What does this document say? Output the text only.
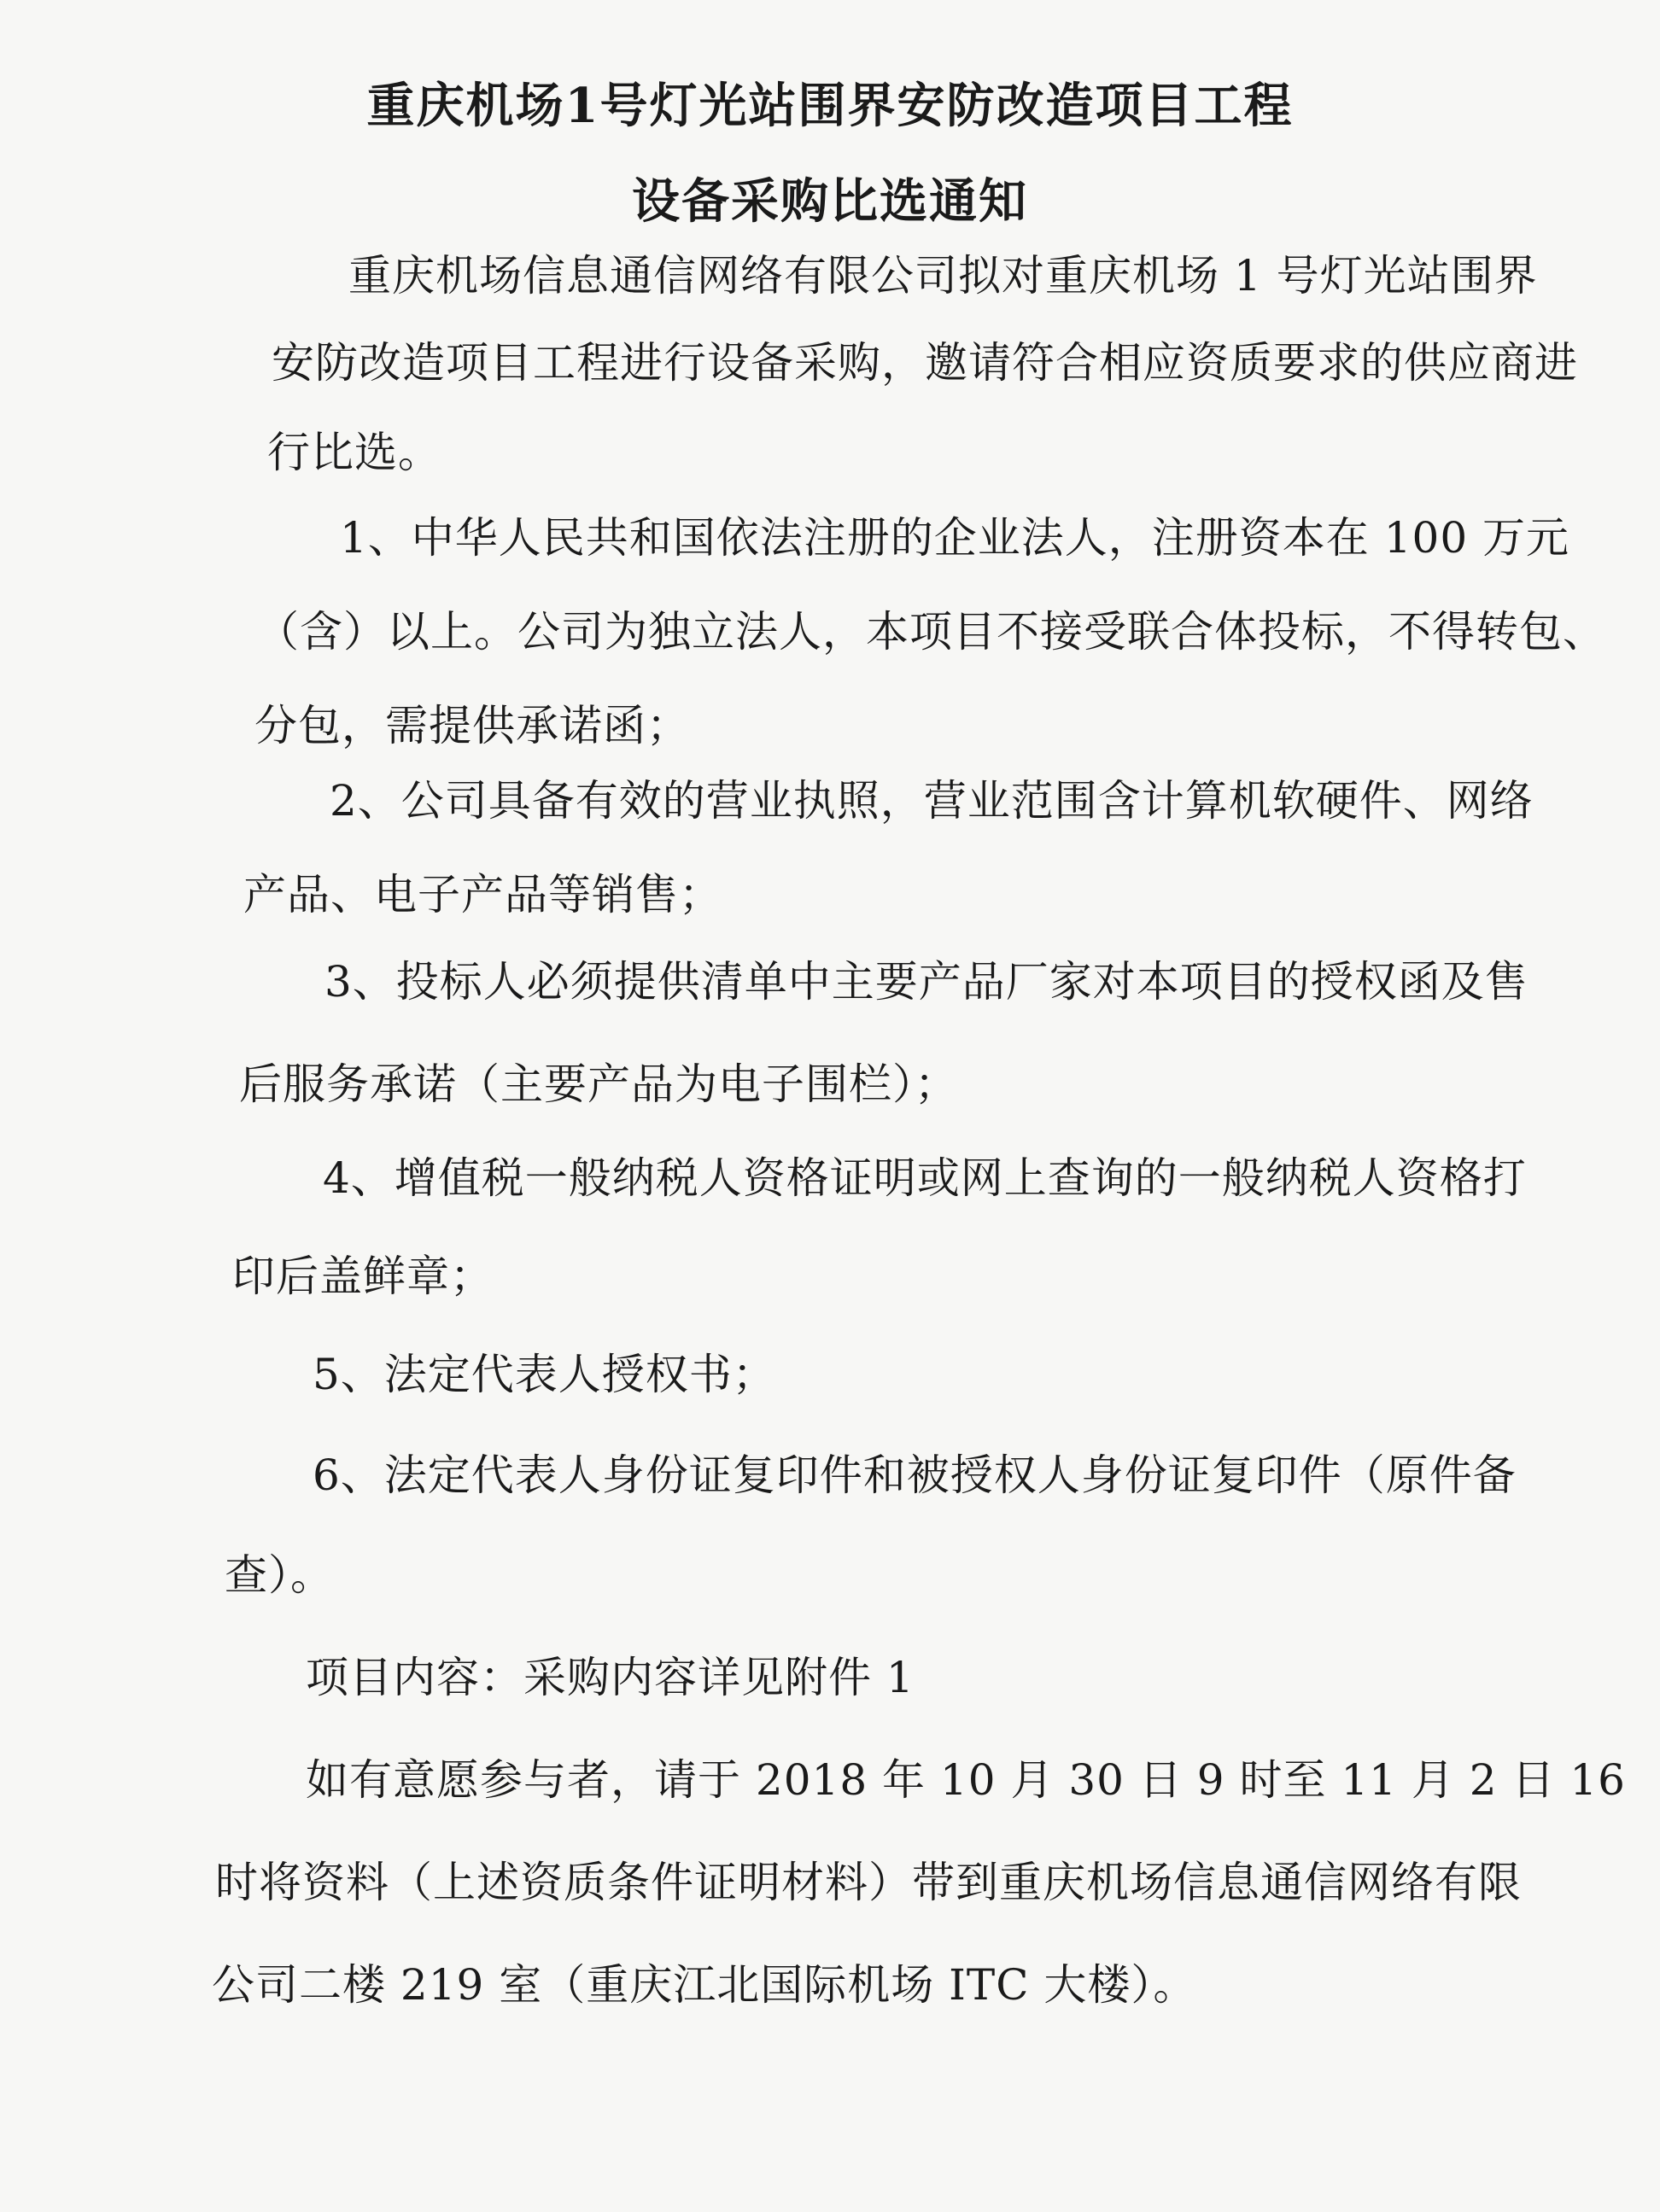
重庆机场1号灯光站围界安防改造项目工程
设备采购比选通知
重庆机场信息通信网络有限公司拟对重庆机场 1 号灯光站围界
安防改造项目工程进行设备采购，邀请符合相应资质要求的供应商进
行比选。
1、中华人民共和国依法注册的企业法人，注册资本在 100 万元
（含）以上。公司为独立法人，本项目不接受联合体投标，不得转包、
分包，需提供承诺函；
2、公司具备有效的营业执照，营业范围含计算机软硬件、网络
产品、电子产品等销售；
3、投标人必须提供清单中主要产品厂家对本项目的授权函及售
后服务承诺（主要产品为电子围栏）；
4、增值税一般纳税人资格证明或网上查询的一般纳税人资格打
印后盖鲜章；
5、法定代表人授权书；
6、法定代表人身份证复印件和被授权人身份证复印件（原件备
查）。
项目内容：采购内容详见附件 1
如有意愿参与者，请于 2018 年 10 月 30 日 9 时至 11 月 2 日 16
时将资料（上述资质条件证明材料）带到重庆机场信息通信网络有限
公司二楼 219 室（重庆江北国际机场 ITC 大楼）。
